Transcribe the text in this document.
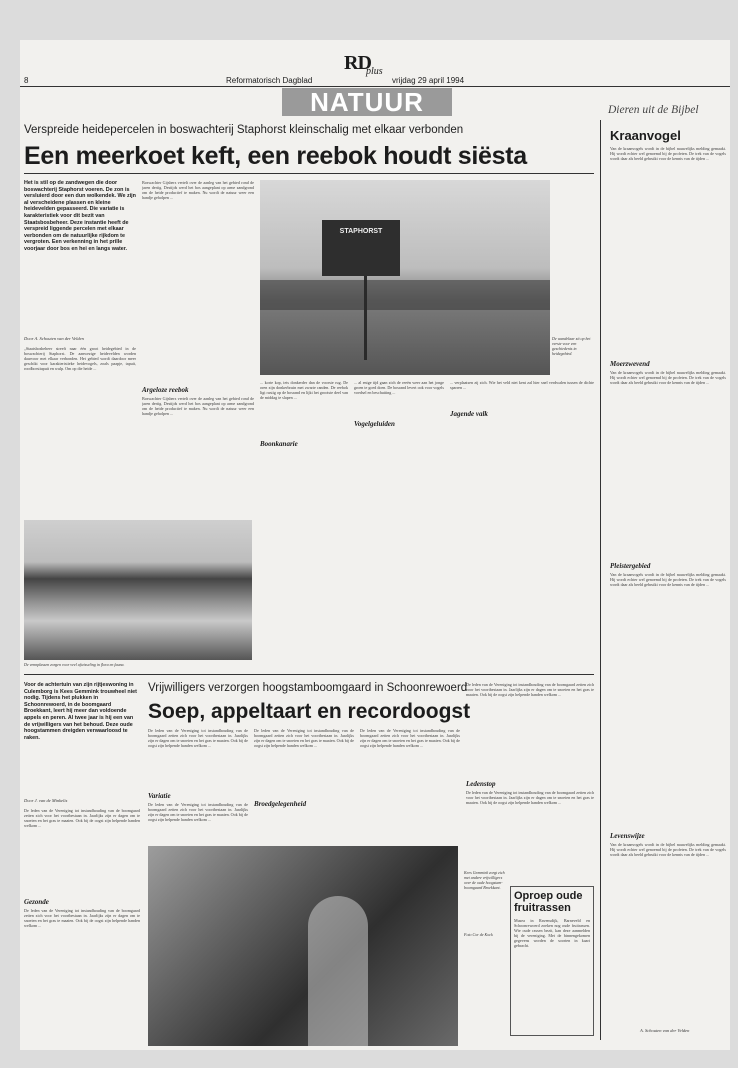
8	Reformatorisch Dagblad
RD
plus
vrijdag 29 april 1994
NATUUR	Dieren uit de Bijbel
Verspreide heidepercelen in boswachterij Staphorst kleinschalig met elkaar verbonden
Een meerkoet keft, een reebok houdt siësta
Het is stil op de zandwegen die door boswachterij Staphorst voeren. De zon is versluierd door een dun wolkendek. We zijn al verscheidene plassen en kleine heidevelden gepasseerd. Die variatie is karakteristiek voor dit bezit van Staatsbosbeheer. Deze instantie heeft de verspreid liggende percelen met elkaar verbonden om de natuurlijke rijkdom te vergroten. Een verkenning in het prille voorjaar door bos en hei en langs water.
Door A. Schouten van der Velden
„Staatsbosbeheer streeft naar één groot heidegebied in de boswachterij Staphorst. De aanwezige heidevelden worden daarvoor met elkaar verbonden. Het gebied wordt daardoor meer geschikt voor karakteristieke heidevogels, zoals paapje, tapuit, roodborsttapuit en wulp. Om op die heide ...
Boswachter Gijsbers vertelt over de aanleg van het gebied rond de jaren dertig. Destijds werd het bos aangeplant op arme zandgrond om de heide productief te maken. Nu wordt de natuur weer een handje geholpen ...
Argeloze reebok
Boswachter Gijsbers vertelt over de aanleg van het gebied rond de jaren dertig. Destijds werd het bos aangeplant op arme zandgrond om de heide productief te maken. Nu wordt de natuur weer een handje geholpen ...
STAPHORST
De wandelaar zit op het verste voor een geschiedenis in heidegebied.
... korte kop, iets donkerder dan de voorste rug. De oren zijn donkerbruin met zwarte randen. De reebok ligt rustig op de bosrand en lijkt het grootste deel van de middag te slapen ...
Boonkanarie
... al enige tijd gaan zich de reeën weer aan het jonge groen te goed doen. De bosrand levert ook voor vogels voedsel en beschutting ...
Vogelgeluiden
... verplaatsen zij zich. Wie het veld niet kent zal hier snel verdwalen tussen de dichte sparren ...
Jagende valk
De vennplassen zorgen voor veel afwisseling in flora en fauna.
Vrijwilligers verzorgen hoogstamboomgaard in Schoonrewoerd
Soep, appeltaart en recordoogst
Voor de achtertuin van zijn rijtjeswoning in Culemborg is Kees Gemmink trouwheel niet nodig. Tijdens het plukken in Schoonrewoerd, in de boomgaard Broekkant, leert hij meer dan voldoende appels en peren. Al twee jaar is hij een van de vrijwilligers van het behoud. Deze oude hoogstammen dreigden verwaarloosd te raken.
Door J. van de Minkelis
De leden van de Vereniging tot instandhouding van de boomgaard zetten zich voor het voortbestaan in. Jaarlijks zijn er dagen om te snoeien en het gras te maaien. Ook bij de oogst zijn helpende handen welkom ...
Gezonde
De leden van de Vereniging tot instandhouding van de boomgaard zetten zich voor het voortbestaan in. Jaarlijks zijn er dagen om te snoeien en het gras te maaien. Ook bij de oogst zijn helpende handen welkom ...
De leden van de Vereniging tot instandhouding van de boomgaard zetten zich voor het voortbestaan in. Jaarlijks zijn er dagen om te snoeien en het gras te maaien. Ook bij de oogst zijn helpende handen welkom ...
Variatie
De leden van de Vereniging tot instandhouding van de boomgaard zetten zich voor het voortbestaan in. Jaarlijks zijn er dagen om te snoeien en het gras te maaien. Ook bij de oogst zijn helpende handen welkom ...
De leden van de Vereniging tot instandhouding van de boomgaard zetten zich voor het voortbestaan in. Jaarlijks zijn er dagen om te snoeien en het gras te maaien. Ook bij de oogst zijn helpende handen welkom ...
Broedgelegenheid
De leden van de Vereniging tot instandhouding van de boomgaard zetten zich voor het voortbestaan in. Jaarlijks zijn er dagen om te snoeien en het gras te maaien. Ook bij de oogst zijn helpende handen welkom ...
Kees Gemmink zorgt zich met andere vrijwilligers over de oude hoogstam-boomgaard Broekkant.
Foto Cor de Kock
De leden van de Vereniging tot instandhouding van de boomgaard zetten zich voor het voortbestaan in. Jaarlijks zijn er dagen om te snoeien en het gras te maaien. Ook bij de oogst zijn helpende handen welkom ...
Ledenstop
De leden van de Vereniging tot instandhouding van de boomgaard zetten zich voor het voortbestaan in. Jaarlijks zijn er dagen om te snoeien en het gras te maaien. Ook bij de oogst zijn helpende handen welkom ...
Oproep oude fruitrassen
Musea in Ravensdijk, Barneveld en Schoonrewoerd zoeken nog oude fruitrassen. Wie oude rassen bezit, kan deze aanmelden bij de vereniging. Met de binnengekomen gegevens worden de soorten in kaart gebracht.
Kraanvogel
Van de kraanvogels wordt in de bijbel nauwelijks melding gemaakt. Hij wordt echter wel genoemd bij de profeten. De trek van de vogels wordt daar als beeld gebruikt voor de kennis van de tijden ...
Moerzwevend
Van de kraanvogels wordt in de bijbel nauwelijks melding gemaakt. Hij wordt echter wel genoemd bij de profeten. De trek van de vogels wordt daar als beeld gebruikt voor de kennis van de tijden ...
Pleistergebied
Van de kraanvogels wordt in de bijbel nauwelijks melding gemaakt. Hij wordt echter wel genoemd bij de profeten. De trek van de vogels wordt daar als beeld gebruikt voor de kennis van de tijden ...
Levenswijze
Van de kraanvogels wordt in de bijbel nauwelijks melding gemaakt. Hij wordt echter wel genoemd bij de profeten. De trek van de vogels wordt daar als beeld gebruikt voor de kennis van de tijden ...
A. Schouten van der Velden
